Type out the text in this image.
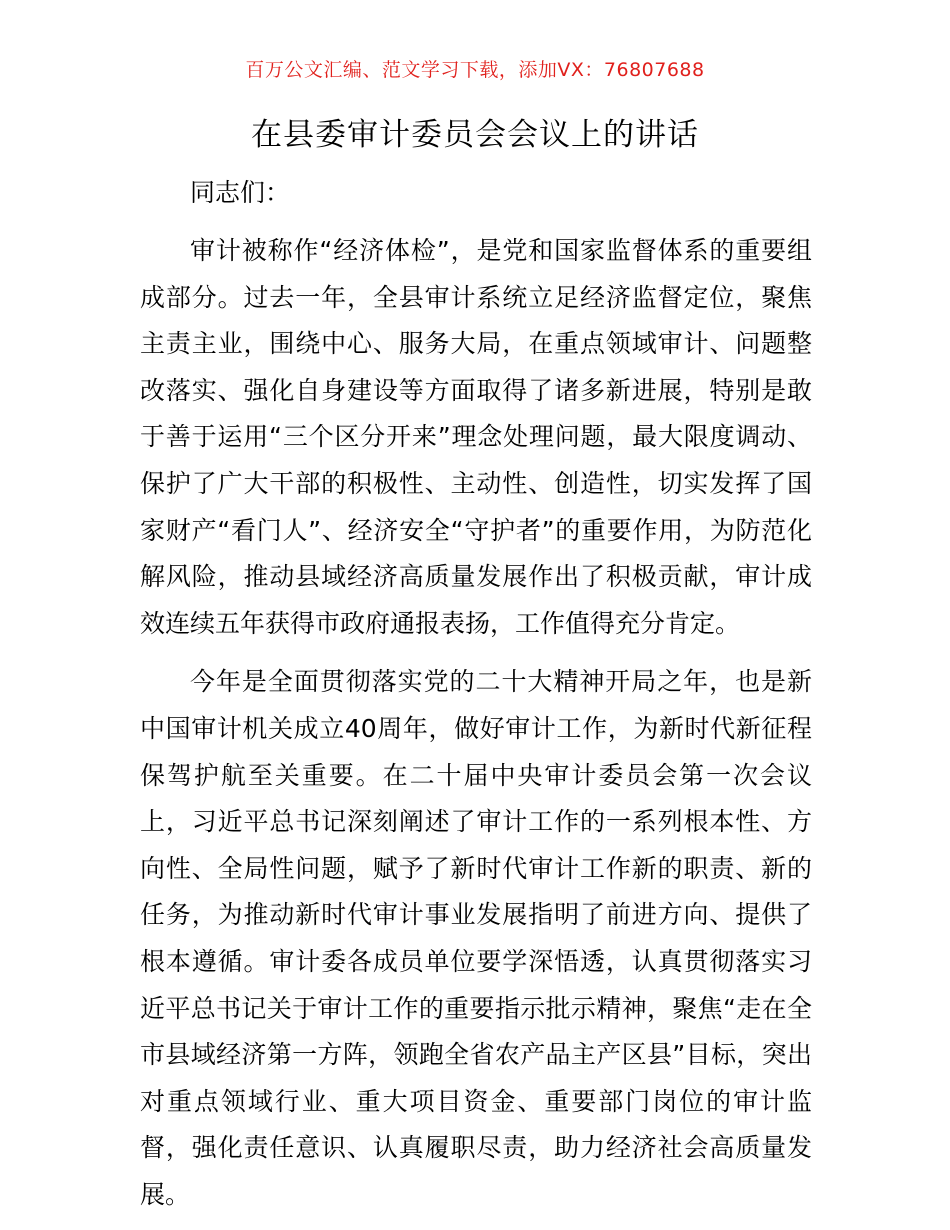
百万公文汇编、范文学习下载，添加VX：76807688
在县委审计委员会会议上的讲话

同志们：

审计被称作“经济体检”，是党和国家监督体系的重要组成部分。过去一年，全县审计系统立足经济监督定位，聚焦主责主业，围绕中心、服务大局，在重点领域审计、问题整改落实、强化自身建设等方面取得了诸多新进展，特别是敢于善于运用“三个区分开来”理念处理问题，最大限度调动、保护了广大干部的积极性、主动性、创造性，切实发挥了国家财产“看门人”、经济安全“守护者”的重要作用，为防范化解风险，推动县域经济高质量发展作出了积极贡献，审计成效连续五年获得市政府通报表扬，工作值得充分肯定。

今年是全面贯彻落实党的二十大精神开局之年，也是新中国审计机关成立40周年，做好审计工作，为新时代新征程保驾护航至关重要。在二十届中央审计委员会第一次会议上，习近平总书记深刻阐述了审计工作的一系列根本性、方向性、全局性问题，赋予了新时代审计工作新的职责、新的任务，为推动新时代审计事业发展指明了前进方向、提供了根本遵循。审计委各成员单位要学深悟透，认真贯彻落实习近平总书记关于审计工作的重要指示批示精神，聚焦“走在全市县域经济第一方阵，领跑全省农产品主产区县”目标，突出对重点领域行业、重大项目资金、重要部门岗位的审计监督，强化责任意识、认真履职尽责，助力经济社会高质量发展。
